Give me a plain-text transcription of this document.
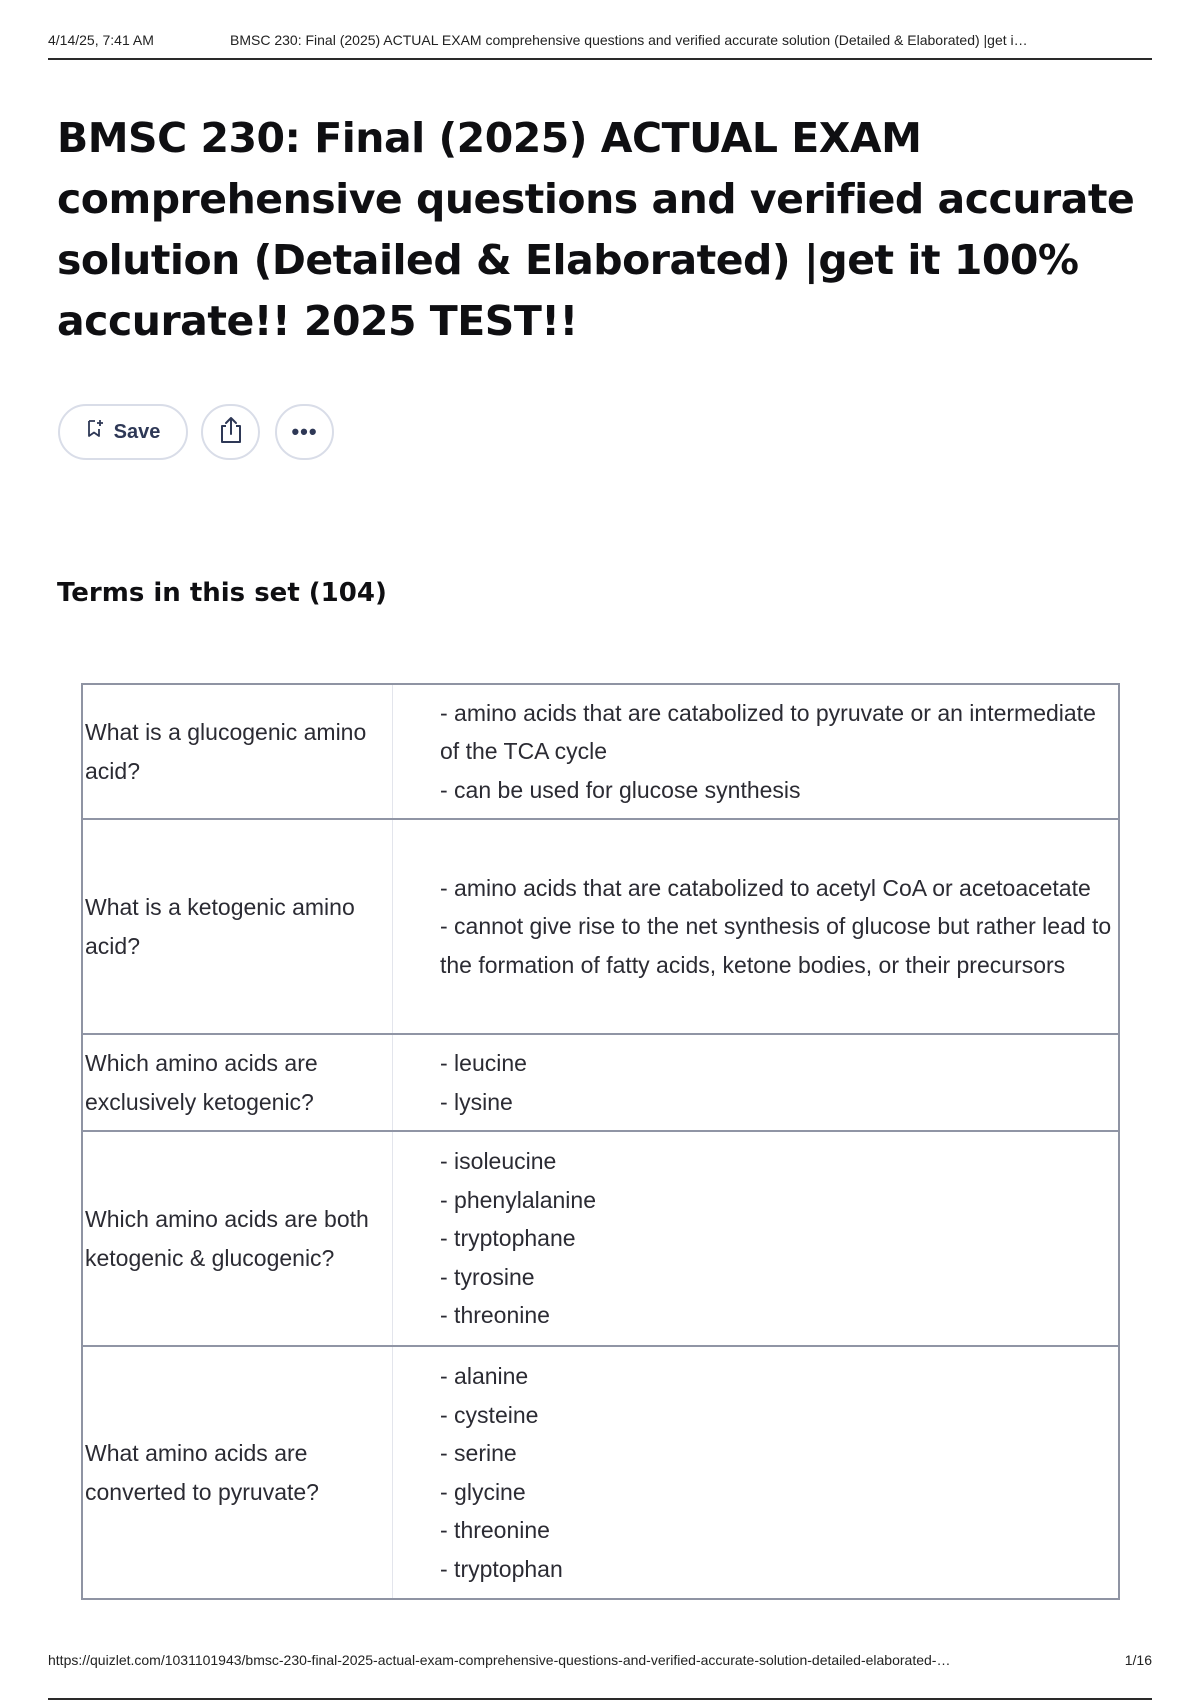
4/14/25, 7:41 AM	BMSC 230: Final (2025) ACTUAL EXAM comprehensive questions and verified accurate solution (Detailed & Elaborated) |get i…
BMSC 230: Final (2025) ACTUAL EXAM comprehensive questions and verified accurate solution (Detailed & Elaborated) |get it 100% accurate!! 2025 TEST!!
Save	•••
Terms in this set (104)
What is a glucogenic amino acid?
- amino acids that are catabolized to pyruvate or an intermediate of the TCA cycle
- can be used for glucose synthesis
What is a ketogenic amino acid?
- amino acids that are catabolized to acetyl CoA or acetoacetate
- cannot give rise to the net synthesis of glucose but rather lead to the formation of fatty acids, ketone bodies, or their precursors
Which amino acids are exclusively ketogenic?
- leucine
- lysine
Which amino acids are both ketogenic & glucogenic?
- isoleucine
- phenylalanine
- tryptophane
- tyrosine
- threonine
What amino acids are converted to pyruvate?
- alanine
- cysteine
- serine
- glycine
- threonine
- tryptophan
https://quizlet.com/1031101943/bmsc-230-final-2025-actual-exam-comprehensive-questions-and-verified-accurate-solution-detailed-elaborated-…	1/16
